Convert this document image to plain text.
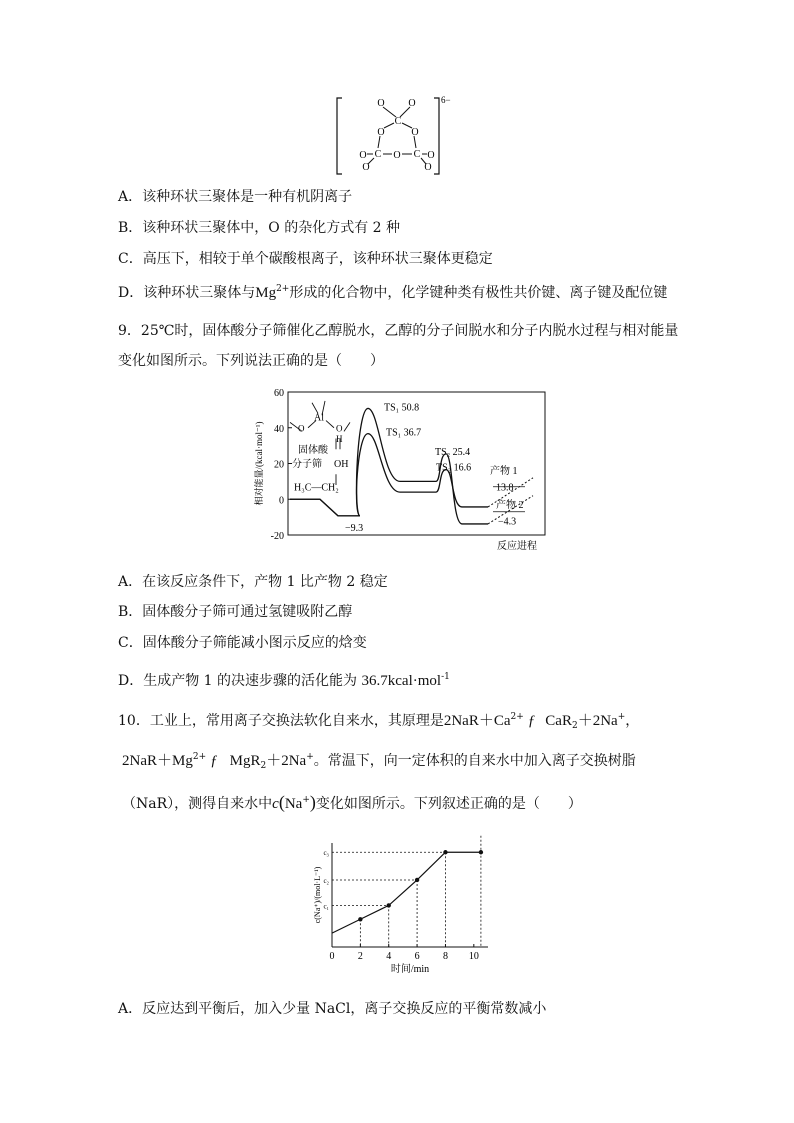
O O
C
O	O
O C O C O
O	O
6−
A．该种环状三聚体是一种有机阴离子
B．该种环状三聚体中，O 的杂化方式有 2 种
C．高压下，相较于单个碳酸根离子，该种环状三聚体更稳定
D．该种环状三聚体与$Mg^{2+}$形成的化合物中，化学键种类有极性共价键、离子键及配位键
9．25℃时，固体酸分子筛催化乙醇脱水，乙醇的分子间脱水和分子内脱水过程与相对能量
变化如图所示。下列说法正确的是（　　）
-20
0
20
40
60
相对能量/(kcal·mol⁻¹)
反应进程
TS₁ 50.8
TS₁ 36.7
TS₂ 25.4
TS₂ 16.6 产物 1
13.8
产物 2
−4.3
−9.3
Al
O	O
H
固体酸
分子筛 OH
H₃C—CH₂
A．在该反应条件下，产物 1 比产物 2 稳定
B．固体酸分子筛可通过氢键吸附乙醇
C．固体酸分子筛能减小图示反应的焓变
D．生成产物 1 的决速步骤的活化能为 36.7kcal·mol$^{-1}$
10．工业上，常用离子交换法软化自来水，其原理是$2NaR+Ca^{2+}$ ƒ CaR$_2$＋2Na+，
$2NaR+Mg^{2+}$ ƒ MgR$_2$＋2Na+。常温下，向一定体积的自来水中加入离子交换树脂
（NaR），测得自来水中c(Na+)变化如图所示。下列叙述正确的是（　　）
0 2 4 6 8 10
时间/min
c(Na⁺)/(mol·L⁻¹) c₁
c₂
c₃
A．反应达到平衡后，加入少量 NaCl，离子交换反应的平衡常数减小
